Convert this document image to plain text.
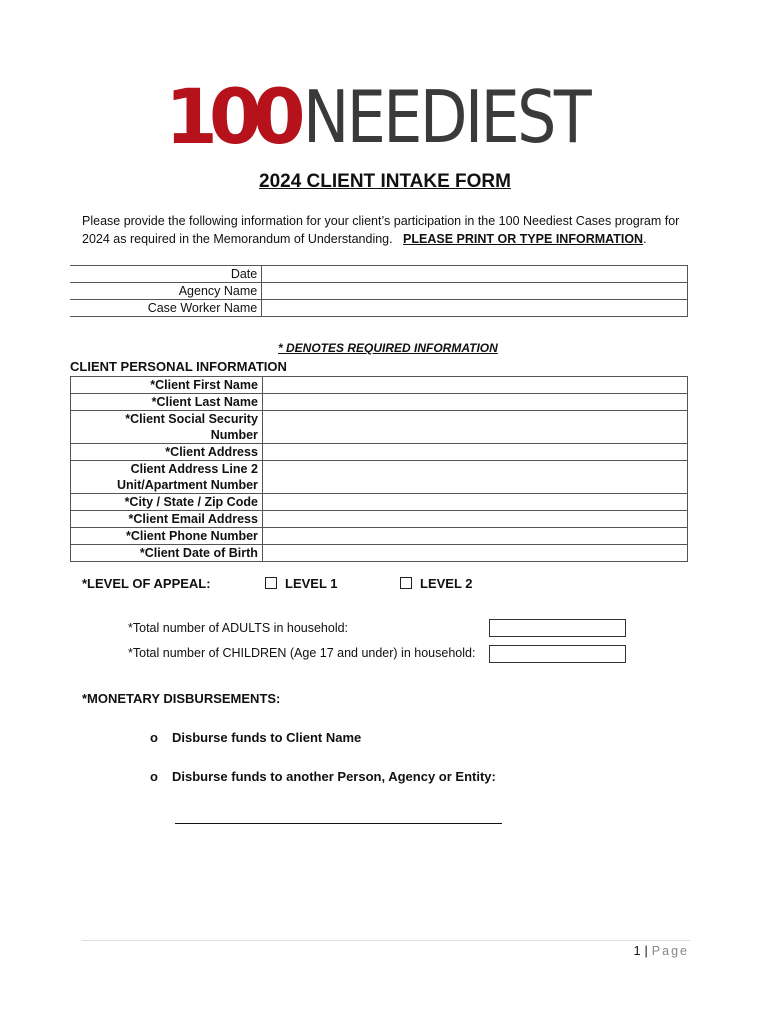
100 NEEDIEST
2024 CLIENT INTAKE FORM
Please provide the following information for your client’s participation in the 100 Neediest Cases program for 2024 as required in the Memorandum of Understanding. PLEASE PRINT OR TYPE INFORMATION.
Date	
Agency Name	
Case Worker Name	
* DENOTES REQUIRED INFORMATION
CLIENT PERSONAL INFORMATION
*Client First Name	
*Client Last Name	
*Client Social Security Number	
*Client Address	

Client Address Line 2
Unit/Apartment Number	

*City / State / Zip Code	
*Client Email Address	
*Client Phone Number	
*Client Date of Birth	
*LEVEL OF APPEAL:	LEVEL 1	LEVEL 2
*Total number of ADULTS in household:
*Total number of CHILDREN (Age 17 and under) in household:
*MONETARY DISBURSEMENTS:
o Disburse funds to Client Name
o Disburse funds to another Person, Agency or Entity:
1 | Page
